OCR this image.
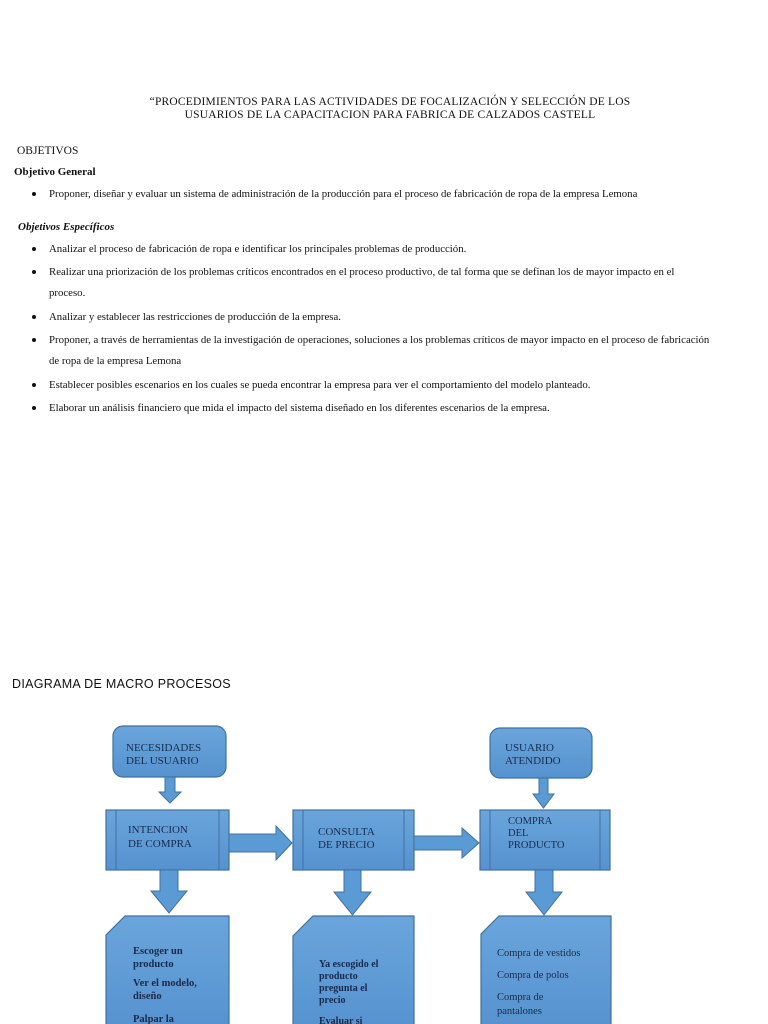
“PROCEDIMIENTOS PARA LAS ACTIVIDADES DE FOCALIZACIÓN Y SELECCIÓN DE LOS
USUARIOS DE LA CAPACITACION PARA FABRICA DE CALZADOS CASTELL
OBJETIVOS
Objetivo General
Proponer, diseñar y evaluar un sistema de administración de la producción para el proceso de fabricación de ropa de la empresa Lemona
Objetivos Específicos
Analizar el proceso de fabricación de ropa e identificar los principales problemas de producción.
Realizar una priorización de los problemas críticos encontrados en el proceso productivo, de tal forma que se definan los de mayor impacto en el proceso.
Analizar y establecer las restricciones de producción de la empresa.
Proponer, a través de herramientas de la investigación de operaciones, soluciones a los problemas críticos de mayor impacto en el proceso de fabricación de ropa de la empresa Lemona
Establecer posibles escenarios en los cuales se pueda encontrar la empresa para ver el comportamiento del modelo planteado.
Elaborar un análisis financiero que mida el impacto del sistema diseñado en los diferentes escenarios de la empresa.
DIAGRAMA DE MACRO PROCESOS
NECESIDADES DEL USUARIO
USUARIO ATENDIDO
INTENCION DE COMPRA
CONSULTA DE PRECIO
COMPRA DEL PRODUCTO
Escoger un producto Ver el modelo, diseño Palpar la
Ya escogido el producto pregunta el precio Evaluar si
Compra de vestidos Compra de polos Compra de pantalones
